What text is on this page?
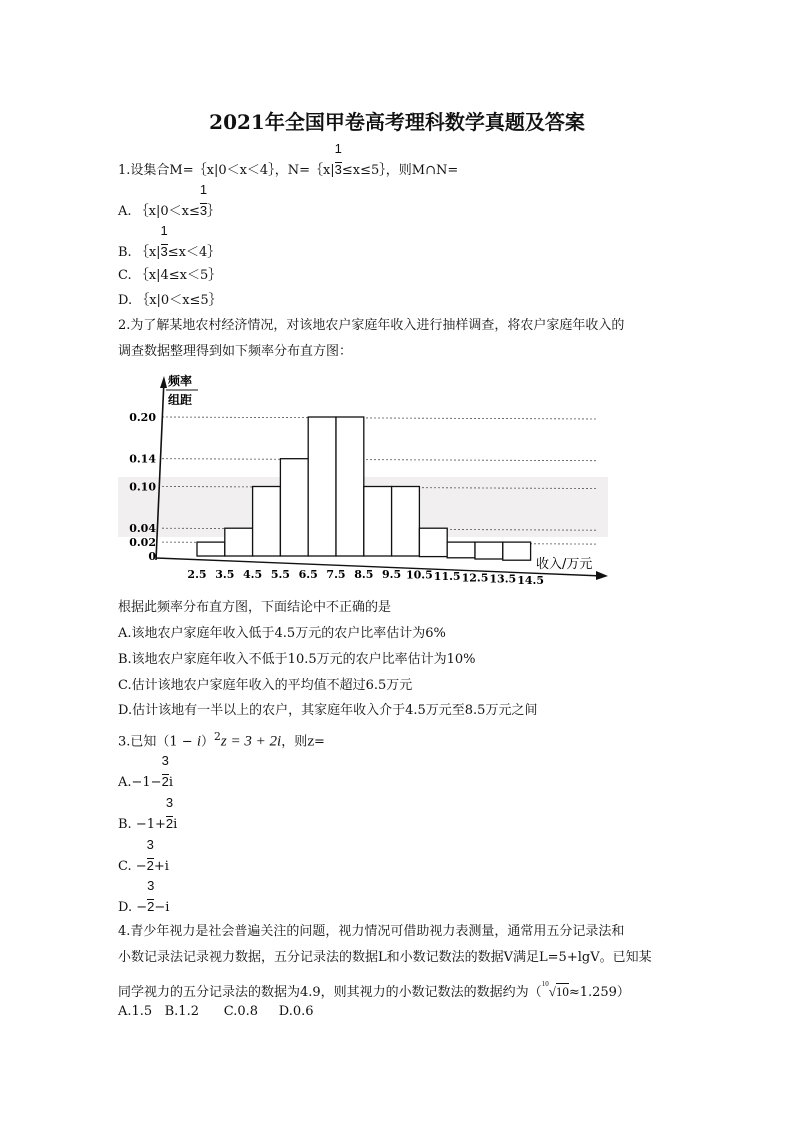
2021年全国甲卷高考理科数学真题及答案
1.设集合M=｛x|0＜x＜4｝，N=｛x| $\frac{1}{3}\le x\le 5\}$，则M∩N=
A. ｛x|0＜x≤ $\frac{1}{3}\}$
B. ｛x| $\frac{1}{3}\le x<4\}$
C. ｛x|4≤x＜5｝
D. ｛x|0＜x≤5｝
2.为了解某地农村经济情况，对该地农户家庭年收入进行抽样调查，将农户家庭年收入的
调查数据整理得到如下频率分布直方图：
频率
组距
收入/万元
0
0.02
0.04
0.10
0.14
0.20
2.5 3.5 4.5 5.5 6.5 7.5 8.5 9.5 10.5 11.5 12.5 13.5 14.5
根据此频率分布直方图，下面结论中不正确的是
A.该地农户家庭年收入低于4.5万元的农户比率估计为6%
B.该地农户家庭年收入不低于10.5万元的农户比率估计为10%
C.估计该地农户家庭年收入的平均值不超过6.5万元
D.估计该地有一半以上的农户，其家庭年收入介于4.5万元至8.5万元之间
3.已知$(1 - i)^2z = 3 + 2i$，则z=
$A.-1- \frac{3}{2}i$
B. $-1+ \frac{3}{2}i$
C. − $\frac{3}{2}+i$
D. − $\frac{3}{2}-i$
4.青少年视力是社会普遍关注的问题，视力情况可借助视力表测量，通常用五分记录法和
小数记录法记录视力数据，五分记录法的数据L和小数记数法的数据V满足L=5+lgV。已知某
同学视力的五分记录法的数据为4.9，则其视力的小数记数法的数据约为（$^{10}$√10≈1.259）
A.1.5 B.1.2 C.0.8 D.0.6
